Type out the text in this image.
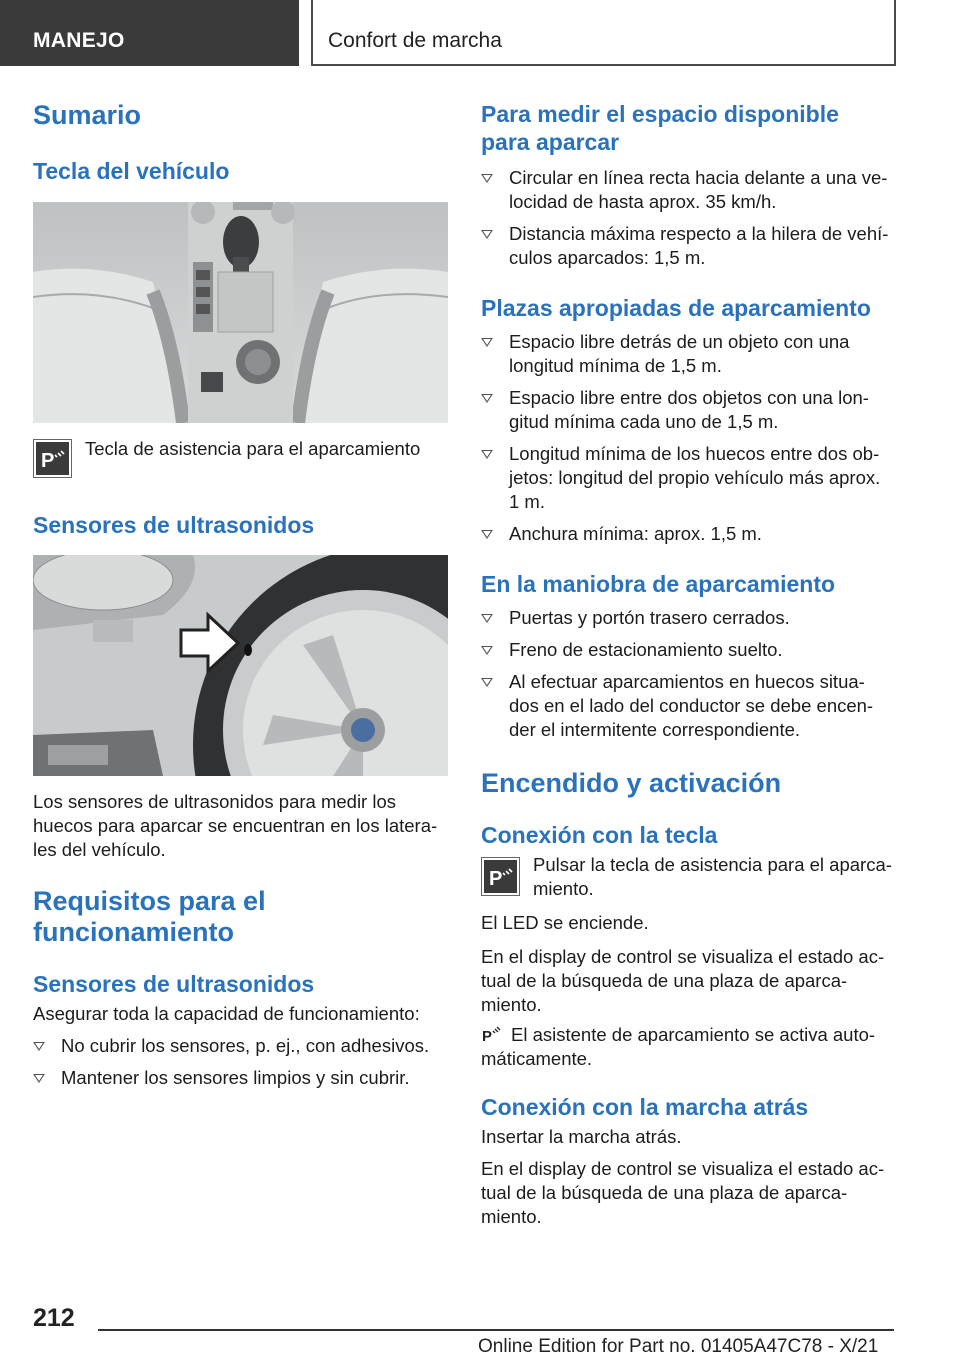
MANEJO	Confort de marcha
Sumario
Tecla del vehículo
P

Tecla de asistencia para el aparcamiento

Sensores de ultrasonidos

Los sensores de ultrasonidos para medir los

huecos para aparcar se encuentran en los latera-

les del vehículo.

Requisitos para el
funcionamiento
Sensores de ultrasonidos

Asegurar toda la capacidad de funcionamiento:

No cubrir los sensores, p. ej., con adhesivos.
Mantener los sensores limpios y sin cubrir.
Para medir el espacio disponible
para aparcar
Circular en línea recta hacia delante a una ve-
locidad de hasta aprox. 35 km/h.
Distancia máxima respecto a la hilera de vehí-
culos aparcados: 1,5 m.
Plazas apropiadas de aparcamiento
Espacio libre detrás de un objeto con una
longitud mínima de 1,5 m.
Espacio libre entre dos objetos con una lon-
gitud mínima cada uno de 1,5 m.
Longitud mínima de los huecos entre dos ob-
jetos: longitud del propio vehículo más aprox.
1 m.
Anchura mínima: aprox. 1,5 m.
En la maniobra de aparcamiento
Puertas y portón trasero cerrados.
Freno de estacionamiento suelto.
Al efectuar aparcamientos en huecos situa-
dos en el lado del conductor se debe encen-
der el intermitente correspondiente.
Encendido y activación
Conexión con la tecla
P

Pulsar la tecla de asistencia para el aparca-

miento.

El LED se enciende.

En el display de control se visualiza el estado ac-

tual de la búsqueda de una plaza de aparca-

miento.

P	El asistente de aparcamiento se activa auto-

máticamente.

Conexión con la marcha atrás

Insertar la marcha atrás.

En el display de control se visualiza el estado ac-

tual de la búsqueda de una plaza de aparca-

miento.

212
Online Edition for Part no. 01405A47C78 - X/21
